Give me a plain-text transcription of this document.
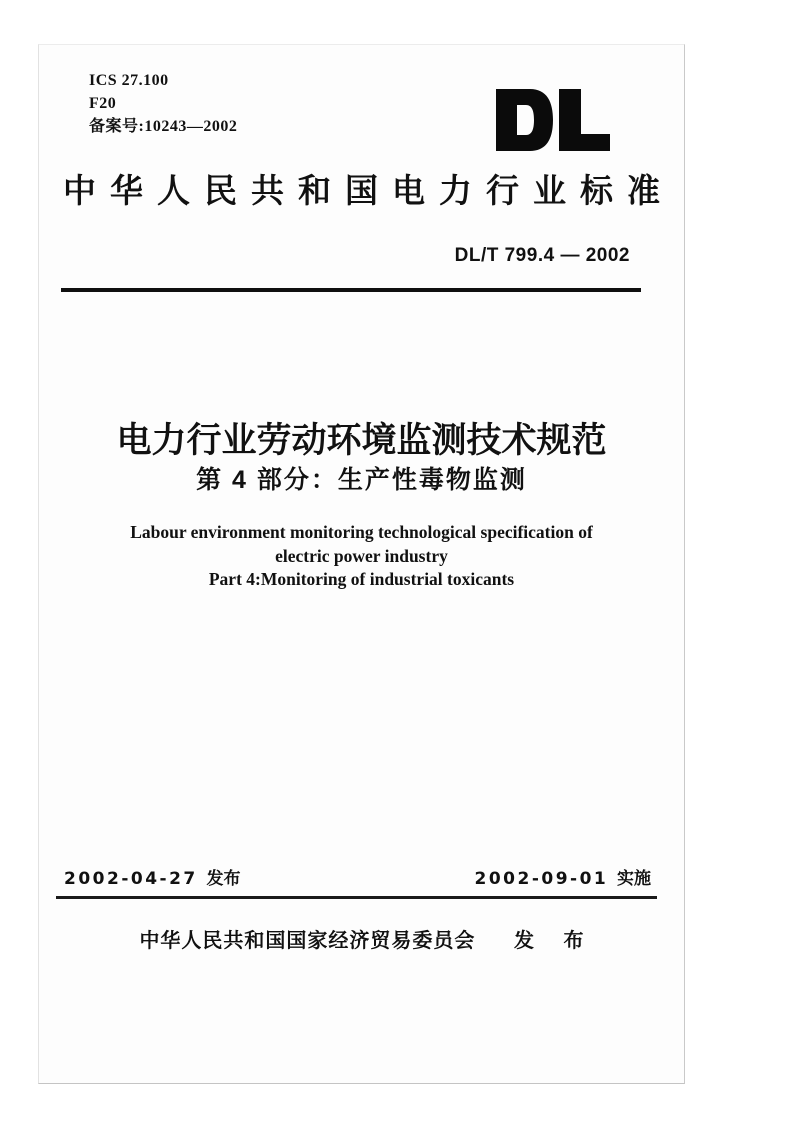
ICS 27.100
F20
备案号:10243—2002
中华人民共和国电力行业标准
DL/T 799.4 — 2002
电力行业劳动环境监测技术规范
第 4 部分：生产性毒物监测
Labour environment monitoring technological specification of
electric power industry
Part 4:Monitoring of industrial toxicants
2002-04-27 发布	2002-09-01 实施
中华人民共和国国家经济贸易委员会 发 布
